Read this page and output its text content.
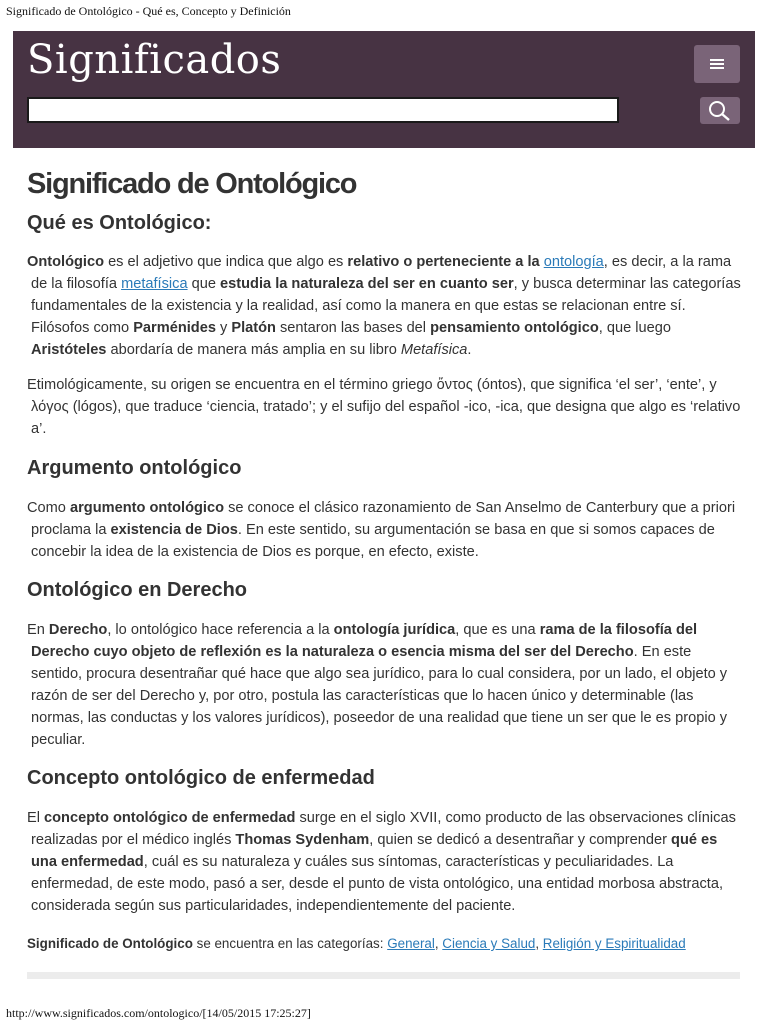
Significado de Ontológico - Qué es, Concepto y Definición
Significados
Significado de Ontológico
Qué es Ontológico:

Ontológico es el adjetivo que indica que algo es relativo o perteneciente a la ontología, es decir, a la rama de la filosofía metafísica que estudia la naturaleza del ser en cuanto ser, y busca determinar las categorías fundamentales de la existencia y la realidad, así como la manera en que estas se relacionan entre sí. Filósofos como Parménides y Platón sentaron las bases del pensamiento ontológico, que luego Aristóteles abordaría de manera más amplia en su libro Metafísica.

Etimológicamente, su origen se encuentra en el término griego ὄντος (óntos), que significa ‘el ser’, ‘ente’, y λόγος (lógos), que traduce ‘ciencia, tratado’; y el sufijo del español -ico, -ica, que designa que algo es ‘relativo a’.

Argumento ontológico

Como argumento ontológico se conoce el clásico razonamiento de San Anselmo de Canterbury que a priori proclama la existencia de Dios. En este sentido, su argumentación se basa en que si somos capaces de concebir la idea de la existencia de Dios es porque, en efecto, existe.

Ontológico en Derecho

En Derecho, lo ontológico hace referencia a la ontología jurídica, que es una rama de la filosofía del Derecho cuyo objeto de reflexión es la naturaleza o esencia misma del ser del Derecho. En este sentido, procura desentrañar qué hace que algo sea jurídico, para lo cual considera, por un lado, el objeto y razón de ser del Derecho y, por otro, postula las características que lo hacen único y determinable (las normas, las conductas y los valores jurídicos), poseedor de una realidad que tiene un ser que le es propio y peculiar.

Concepto ontológico de enfermedad

El concepto ontológico de enfermedad surge en el siglo XVII, como producto de las observaciones clínicas realizadas por el médico inglés Thomas Sydenham, quien se dedicó a desentrañar y comprender qué es una enfermedad, cuál es su naturaleza y cuáles sus síntomas, características y peculiaridades. La enfermedad, de este modo, pasó a ser, desde el punto de vista ontológico, una entidad morbosa abstracta, considerada según sus particularidades, independientemente del paciente.

Significado de Ontológico se encuentra en las categorías: General, Ciencia y Salud, Religión y Espiritualidad
http://www.significados.com/ontologico/[14/05/2015 17:25:27]
